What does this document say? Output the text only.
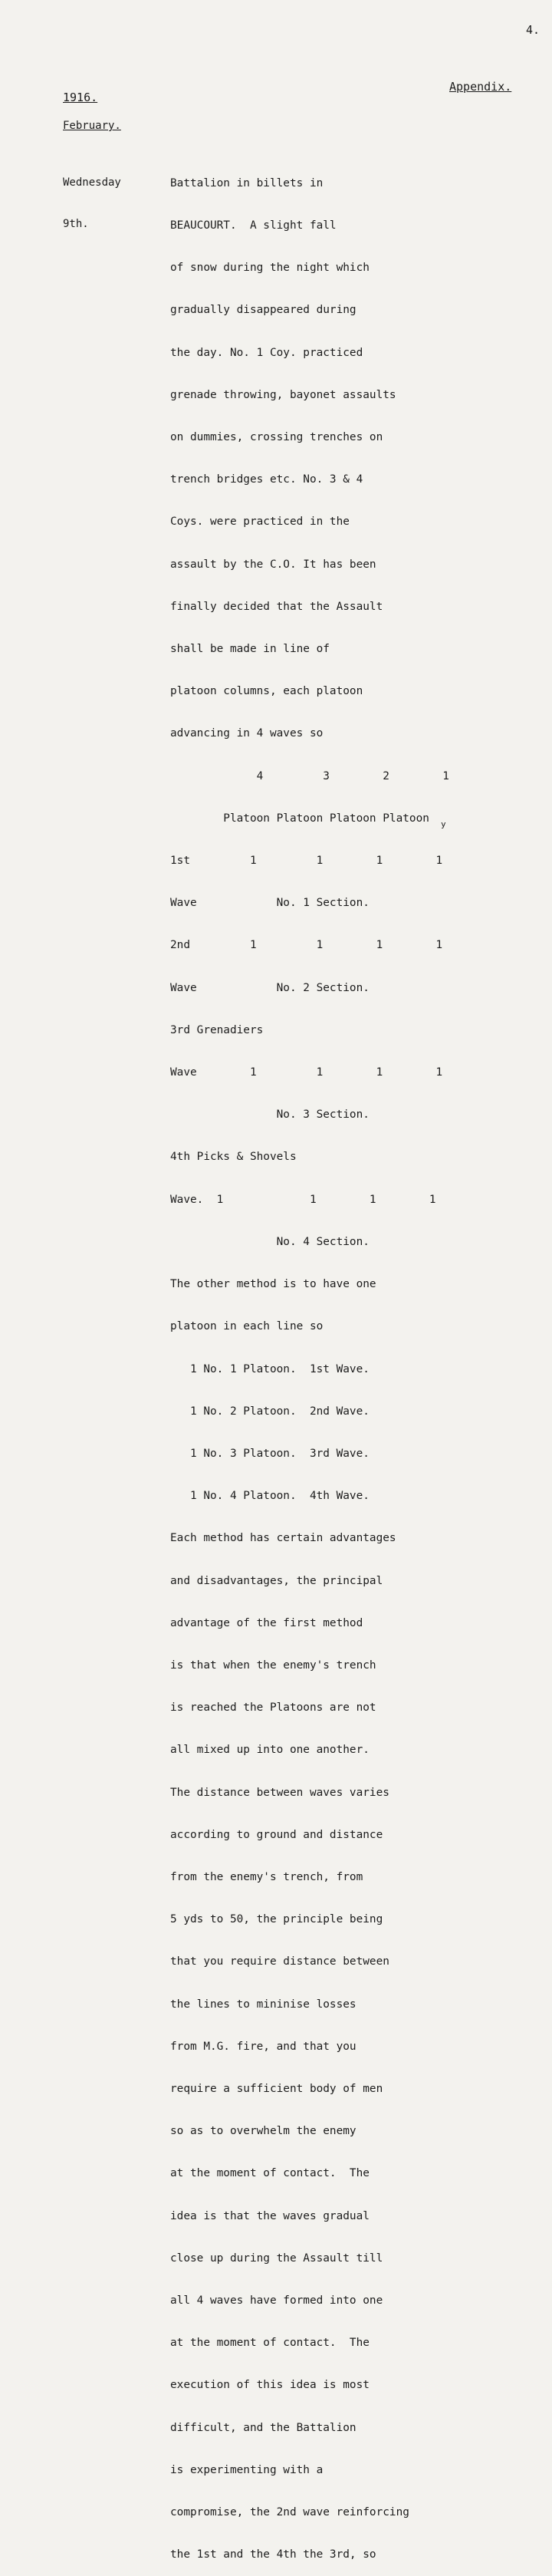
4.
Appendix.
1916.
February.

Wednesday

9th.

Battalion in billets in

BEAUCOURT.  A slight fall

of snow during the night which

gradually disappeared during

the day. No. 1 Coy. practiced

grenade throwing, bayonet assaults

on dummies, crossing trenches on

trench bridges etc. No. 3 & 4

Coys. were practiced in the

assault by the C.O. It has been

finally decided that the Assault

shall be made in line of

platoon columns, each platoon

advancing in 4 waves so

4         3        2        1

Platoon Platoon Platoon Platoon

1st         1         1        1        1

Wave            No. 1 Section.

2nd         1         1        1        1

Wave            No. 2 Section.

3rd Grenadiers

Wave        1         1        1        1

No. 3 Section.

4th Picks & Shovels

Wave.  1             1        1        1

No. 4 Section.

The other method is to have one

platoon in each line so

1 No. 1 Platoon.  1st Wave.

1 No. 2 Platoon.  2nd Wave.

1 No. 3 Platoon.  3rd Wave.

1 No. 4 Platoon.  4th Wave.

Each method has certain advantages

and disadvantages, the principal

advantage of the first method

is that when the enemy's trench

is reached the Platoons are not

all mixed up into one another.

The distance between waves varies

according to ground and distance

from the enemy's trench, from

5 yds to 50, the principle being

that you require distance between

the lines to mininise losses

from M.G. fire, and that you

require a sufficient body of men

so as to overwhelm the enemy

at the moment of contact.  The

idea is that the waves gradual

close up during the Assault till

all 4 waves have formed into one

at the moment of contact.  The

execution of this idea is most

difficult, and the Battalion

is experimenting with a

compromise, the 2nd wave reinforcing

the 1st and the 4th the 3rd, so

y
